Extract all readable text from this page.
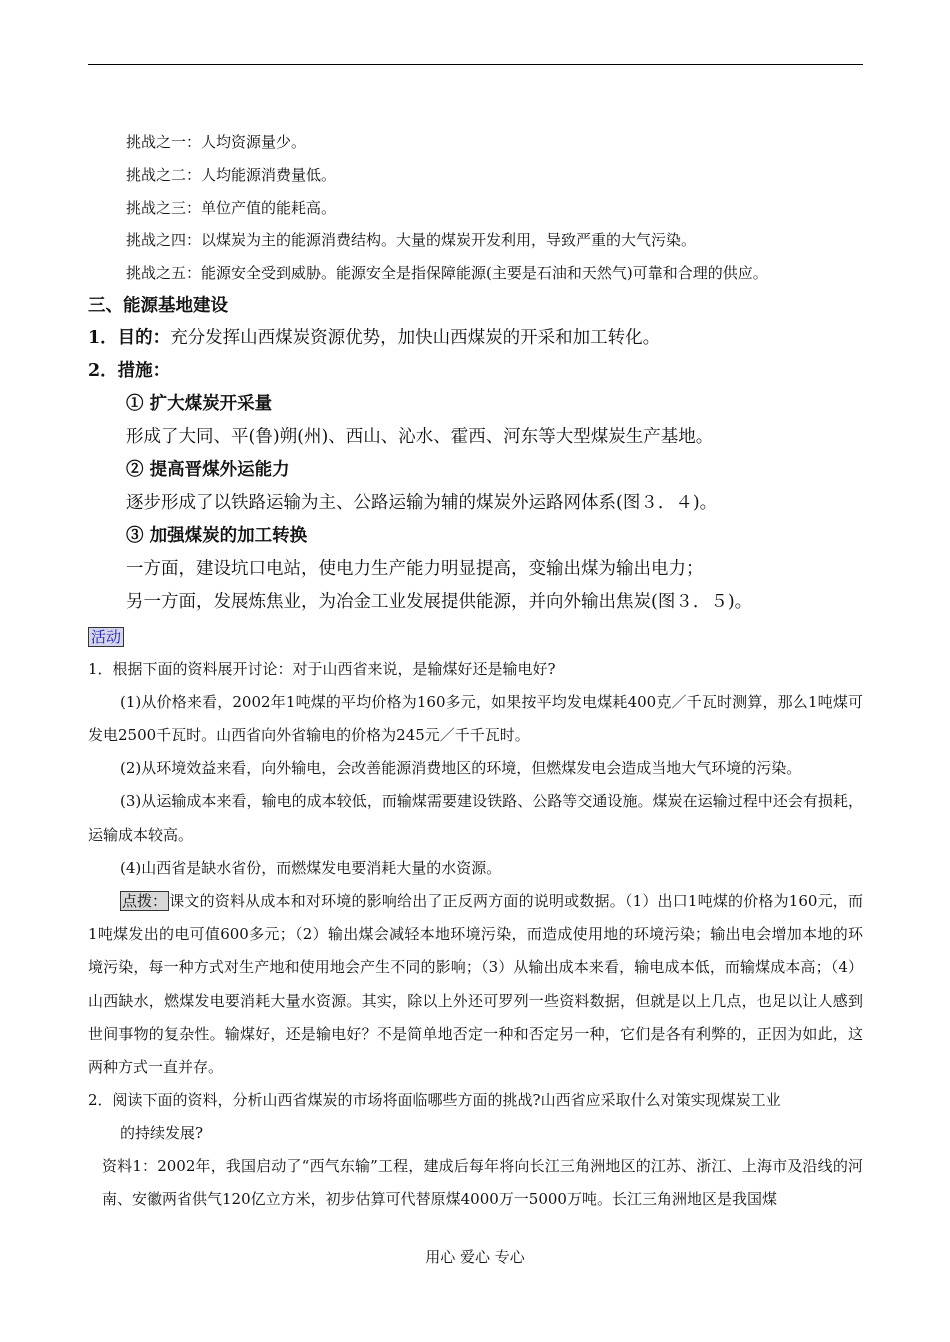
挑战之一：人均资源量少。

挑战之二：人均能源消费量低。

挑战之三：单位产值的能耗高。

挑战之四：以煤炭为主的能源消费结构。大量的煤炭开发利用，导致严重的大气污染。

挑战之五：能源安全受到威胁。能源安全是指保障能源(主要是石油和天然气)可靠和合理的供应。

三、能源基地建设

1．目的：充分发挥山西煤炭资源优势，加快山西煤炭的开采和加工转化。

2．措施：

① 扩大煤炭开采量

形成了大同、平(鲁)朔(州)、西山、沁水、霍西、河东等大型煤炭生产基地。

② 提高晋煤外运能力

逐步形成了以铁路运输为主、公路运输为辅的煤炭外运路网体系(图３．４)。

③ 加强煤炭的加工转换

一方面，建设坑口电站，使电力生产能力明显提高，变输出煤为输出电力；

另一方面，发展炼焦业，为冶金工业发展提供能源，并向外输出焦炭(图３．５)。

活动

1．根据下面的资料展开讨论：对于山西省来说，是输煤好还是输电好?

(1)从价格来看，2002年1吨煤的平均价格为160多元，如果按平均发电煤耗400克／千瓦时测算，那么1吨煤可发电2500千瓦时。山西省向外省输电的价格为245元／千千瓦时。

(2)从环境效益来看，向外输电，会改善能源消费地区的环境，但燃煤发电会造成当地大气环境的污染。

(3)从运输成本来看，输电的成本较低，而输煤需要建设铁路、公路等交通设施。煤炭在运输过程中还会有损耗，运输成本较高。

(4)山西省是缺水省份，而燃煤发电要消耗大量的水资源。

点拨： 课文的资料从成本和对环境的影响给出了正反两方面的说明或数据。（1）出口1吨煤的价格为160元，而1吨煤发出的电可值600多元；（2）输出煤会减轻本地环境污染，而造成使用地的环境污染；输出电会增加本地的环境污染，每一种方式对生产地和使用地会产生不同的影响；（3）从输出成本来看，输电成本低，而输煤成本高；（4）山西缺水，燃煤发电要消耗大量水资源。其实，除以上外还可罗列一些资料数据，但就是以上几点，也足以让人感到世间事物的复杂性。输煤好，还是输电好？不是简单地否定一种和否定另一种，它们是各有利弊的，正因为如此，这两种方式一直并存。

2．阅读下面的资料，分析山西省煤炭的市场将面临哪些方面的挑战?山西省应采取什么对策实现煤炭工业

的持续发展?

资料1：2002年，我国启动了“西气东输”工程，建成后每年将向长江三角洲地区的江苏、浙江、上海市及沿线的河南、安徽两省供气120亿立方米，初步估算可代替原煤4000万一5000万吨。长江三角洲地区是我国煤

用心 爱心 专心
